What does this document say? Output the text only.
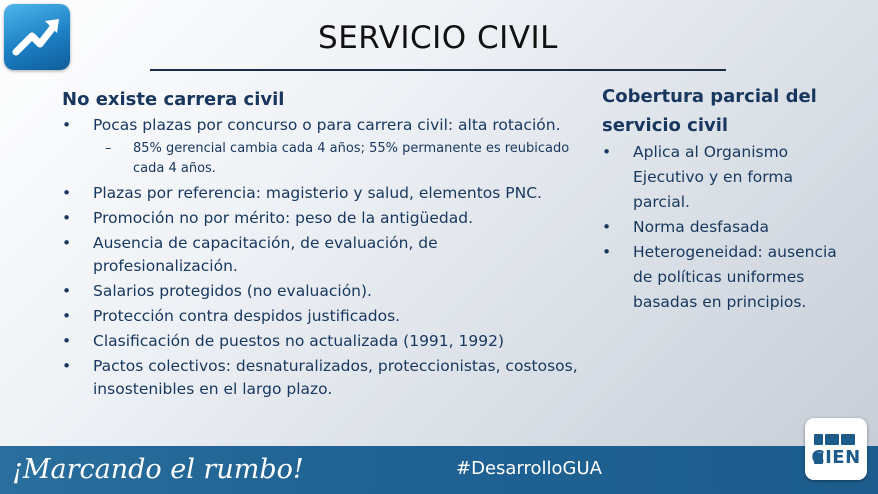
SERVICIO CIVIL
No existe carrera civil
• Pocas plazas por concurso o para carrera civil: alta rotación.
– 85% gerencial cambia cada 4 años; 55% permanente es reubicado cada 4 años.
• Plazas por referencia: magisterio y salud, elementos PNC.
• Promoción no por mérito: peso de la antigüedad.
• Ausencia de capacitación, de evaluación, de profesionalización.
• Salarios protegidos (no evaluación).
• Protección contra despidos justificados.
• Clasificación de puestos no actualizada (1991, 1992)
• Pactos colectivos: desnaturalizados, proteccionistas, costosos, insostenibles en el largo plazo.
Cobertura parcial del servicio civil
• Aplica al Organismo Ejecutivo y en forma parcial.
• Norma desfasada
• Heterogeneidad: ausencia de políticas uniformes basadas en principios.
¡Marcando el rumbo!	#DesarrolloGUA
CIEN
